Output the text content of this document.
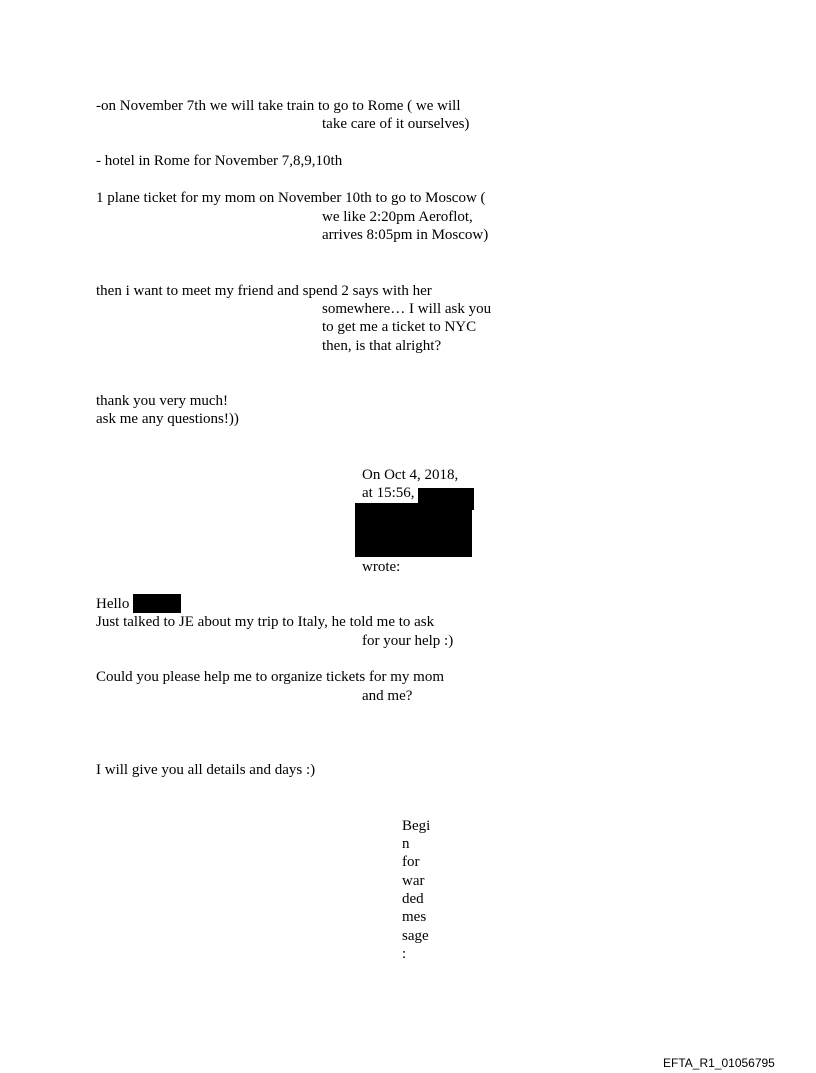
-on November 7th we will take train to go to Rome ( we will
take care of it ourselves)
- hotel in Rome for November 7,8,9,10th
1 plane ticket for my mom on November 10th to go to Moscow (
we like 2:20pm Aeroflot,
arrives 8:05pm in Moscow)
then i want to meet my friend and spend 2 says with her
somewhere… I will ask you
to get me a ticket to NYC
then, is that alright?
thank you very much!
ask me any questions!))
On Oct 4, 2018,
at 15:56,
wrote:
Hello
Just talked to JE about my trip to Italy, he told me to ask
for your help :)
Could you please help me to organize tickets for my mom
and me?
I will give you all details and days :)
Begi
n
for
war
ded
mes
sage
:
EFTA_R1_01056795
